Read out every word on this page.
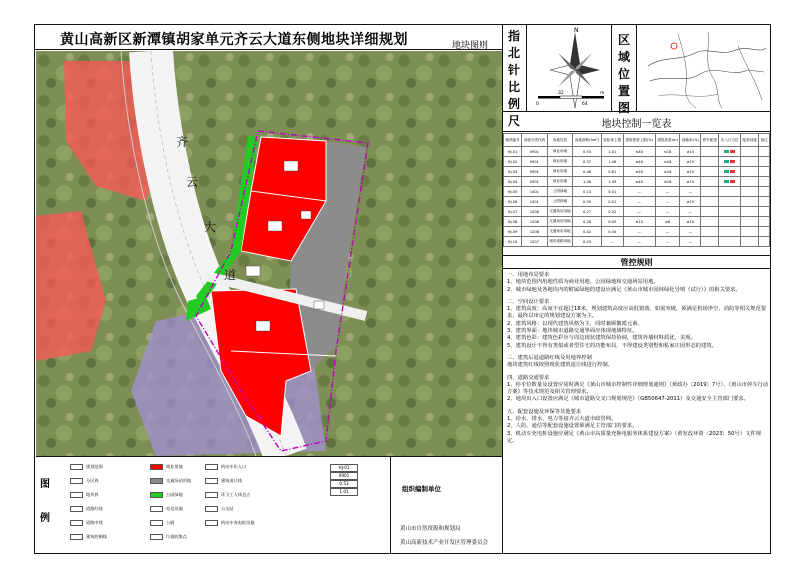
黄山高新区新潭镇胡家单元齐云大道东侧地块详细规划	地块图则
指
北
针
比
例
尺
N
0
32
64
m
区
域
位
置
图
地块控制一览表
地块编号	用地分类代码	用地性质	用地面积(hm²)	容积率上限	建筑密度上限(%)	建筑高度(m)	绿地率(%)	停车配建	出入口方位	配套设施	备注
HJ-01	0901	商业用地	0.53	1.01	≤40	≤18	≥15				
HJ-02	0901	商业用地	0.37	1.06	≤40	≤18	≥15				
HJ-03	0901	商业用地	0.46	0.81	≤40	≤18	≥15				
HJ-04	0901	商业用地	1.06	1.39	≤40	≤18	≥15				
HJ-05	1401	公园绿地	0.13	0.01	—	—	—				
HJ-06	1401	公园绿地	0.09	0.01	—	—	≥15				
HJ-07	1208	交通场站用地	0.27	0.32	—	—	—				
HJ-08	1208	交通场站用地	0.28	0.05	≤10	≤6	≥10				
HJ-09	1208	交通场站用地	0.42	0.04	—	—	—				
HJ-10	1207	城市道路用地	0.43	—	—	—	—				
管控规则
一、用地布局要求
1、地块范围内用地性质为商业用地、公园绿地和交通场站用地。
2、城市绿地及各地块内的附属绿地的建设应满足《黄山市城市园林绿化导则（试行）》的相关要求。
二、空间设计要求
1、建筑高度：高度不宜超过18米，规划建筑高度应高低错落，如需突破，须满足机场净空、消防等相关规范要求，最终以审定的规划建设方案为主。
2、建筑风格：以现代建筑风格为主，同时兼顾徽派元素。
3、建筑界面：地块城市道路交通界面应体现地域特征。
4、建筑色彩：建筑色彩应与周边现状建筑保持协调，建筑外墙材料质优、美观。
5、建筑设计不得有类似或者型住宅的功能布局，不得建设类别墅和私家庄园形态的建筑。
三、建筑后退道路红线及用地界控制
地块建筑红线按照现状建筑退让线进行控制。
四、道路交通要求
1、停车位数量及设置应同时满足《黄山市城市控制性详细规划通则》（黄政办〔2019〕7号）、《黄山市停车行动方案》等技术规范及相关管理要求。
2、地块出入口设置应满足《城市道路交叉口规划规范》（GB50647-2011）及交通安全主管部门要求。
五、配套设施及环保等其他要求
1、给水、排水、电力等接齐云大道市政管网。
2、人防、通信等配套设施设置须满足主管部门的要求。
3、机动车充电桩设施应满足《黄山市高质量充换电服务体系建设方案》（黄发改环资〔2023〕50号）文件规定。
齐
云
大
道
图

例
规划范围
分区界
地块界
道路红线
道路中线
建筑控制线
商业用地
交通场站用地
公园绿地
电信设施
公厕
垃圾收集点
机动车出入口
建筑退让线
环卫工人休息点
公交站
机动车充电桩设施
HJ-01
0901
0.53
1.01	组织编制单位
黄山市自然资源和规划局
黄山高新技术产业开发区管理委员会
